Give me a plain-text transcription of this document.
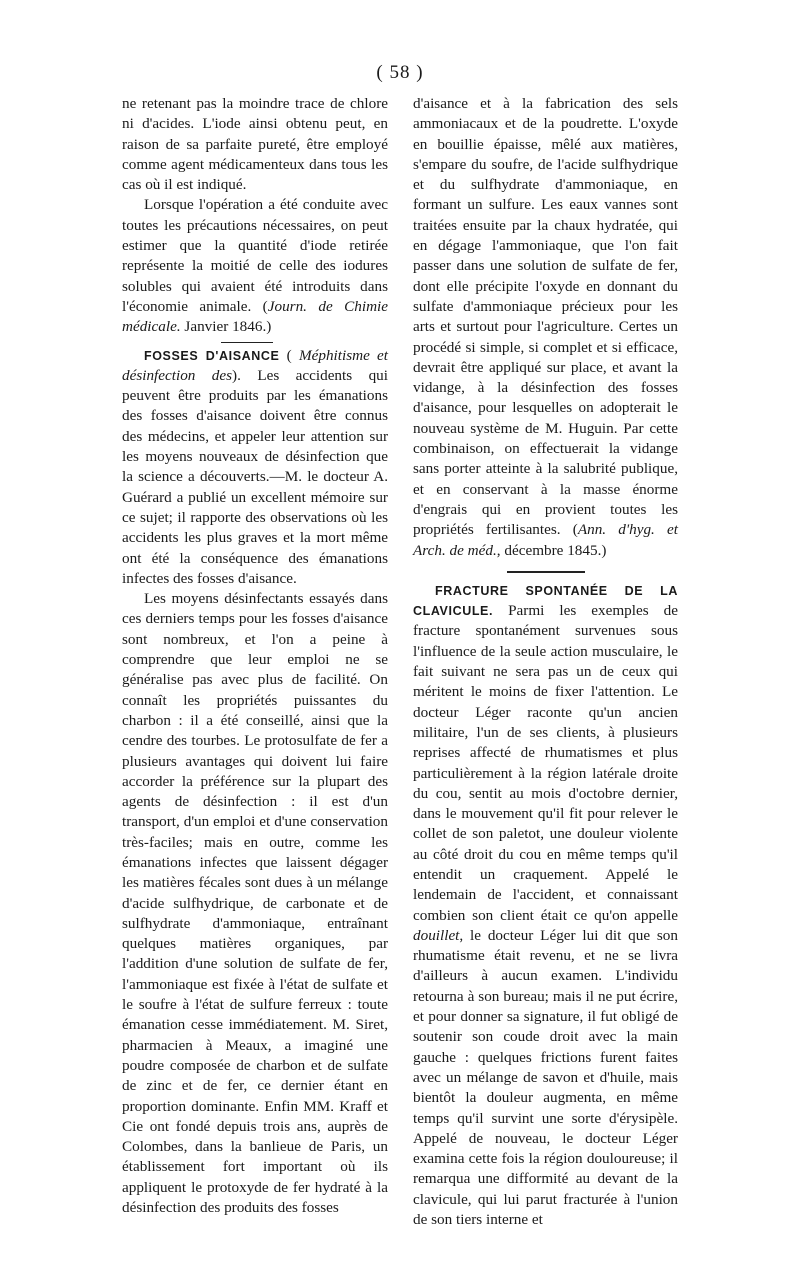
( 58 )

ne retenant pas la moindre trace de chlore ni d'acides. L'iode ainsi obtenu peut, en raison de sa parfaite pureté, être employé comme agent médicamenteux dans tous les cas où il est indiqué.

Lorsque l'opération a été conduite avec toutes les précautions nécessaires, on peut estimer que la quantité d'iode retirée représente la moitié de celle des iodures solubles qui avaient été introduits dans l'économie animale. (Journ. de Chimie médicale. Janvier 1846.)

FOSSES D'AISANCE ( Méphitisme et désinfection des). Les accidents qui peuvent être produits par les émanations des fosses d'aisance doivent être connus des médecins, et appeler leur attention sur les moyens nouveaux de désinfection que la science a découverts.—M. le docteur A. Guérard a publié un excellent mémoire sur ce sujet; il rapporte des observations où les accidents les plus graves et la mort même ont été la conséquence des émanations infectes des fosses d'aisance.

Les moyens désinfectants essayés dans ces derniers temps pour les fosses d'aisance sont nombreux, et l'on a peine à comprendre que leur emploi ne se généralise pas avec plus de facilité. On connaît les propriétés puissantes du charbon : il a été conseillé, ainsi que la cendre des tourbes. Le protosulfate de fer a plusieurs avantages qui doivent lui faire accorder la préférence sur la plupart des agents de désinfection : il est d'un transport, d'un emploi et d'une conservation très-faciles; mais en outre, comme les émanations infectes que laissent dégager les matières fécales sont dues à un mélange d'acide sulfhydrique, de carbonate et de sulfhydrate d'ammoniaque, entraînant quelques matières organiques, par l'addition d'une solution de sulfate de fer, l'ammoniaque est fixée à l'état de sulfate et le soufre à l'état de sulfure ferreux : toute émanation cesse immédiatement. M. Siret, pharmacien à Meaux, a imaginé une poudre composée de charbon et de sulfate de zinc et de fer, ce dernier étant en proportion dominante. Enfin MM. Kraff et Cie ont fondé depuis trois ans, auprès de Colombes, dans la banlieue de Paris, un établissement fort important où ils appliquent le protoxyde de fer hydraté à la désinfection des produits des fosses

d'aisance et à la fabrication des sels ammoniacaux et de la poudrette. L'oxyde en bouillie épaisse, mêlé aux matières, s'empare du soufre, de l'acide sulfhydrique et du sulfhydrate d'ammoniaque, en formant un sulfure. Les eaux vannes sont traitées ensuite par la chaux hydratée, qui en dégage l'ammoniaque, que l'on fait passer dans une solution de sulfate de fer, dont elle précipite l'oxyde en donnant du sulfate d'ammoniaque précieux pour les arts et surtout pour l'agriculture. Certes un procédé si simple, si complet et si efficace, devrait être appliqué sur place, et avant la vidange, à la désinfection des fosses d'aisance, pour lesquelles on adopterait le nouveau système de M. Huguin. Par cette combinaison, on effectuerait la vidange sans porter atteinte à la salubrité publique, et en conservant à la masse énorme d'engrais qui en provient toutes les propriétés fertilisantes. (Ann. d'hyg. et Arch. de méd., décembre 1845.)

FRACTURE SPONTANÉE DE LA CLAVICULE. Parmi les exemples de fracture spontanément survenues sous l'influence de la seule action musculaire, le fait suivant ne sera pas un de ceux qui méritent le moins de fixer l'attention. Le docteur Léger raconte qu'un ancien militaire, l'un de ses clients, à plusieurs reprises affecté de rhumatismes et plus particulièrement à la région latérale droite du cou, sentit au mois d'octobre dernier, dans le mouvement qu'il fit pour relever le collet de son paletot, une douleur violente au côté droit du cou en même temps qu'il entendit un craquement. Appelé le lendemain de l'accident, et connaissant combien son client était ce qu'on appelle douillet, le docteur Léger lui dit que son rhumatisme était revenu, et ne se livra d'ailleurs à aucun examen. L'individu retourna à son bureau; mais il ne put écrire, et pour donner sa signature, il fut obligé de soutenir son coude droit avec la main gauche : quelques frictions furent faites avec un mélange de savon et d'huile, mais bientôt la douleur augmenta, en même temps qu'il survint une sorte d'érysipèle. Appelé de nouveau, le docteur Léger examina cette fois la région douloureuse; il remarqua une difformité au devant de la clavicule, qui lui parut fracturée à l'union de son tiers interne et
